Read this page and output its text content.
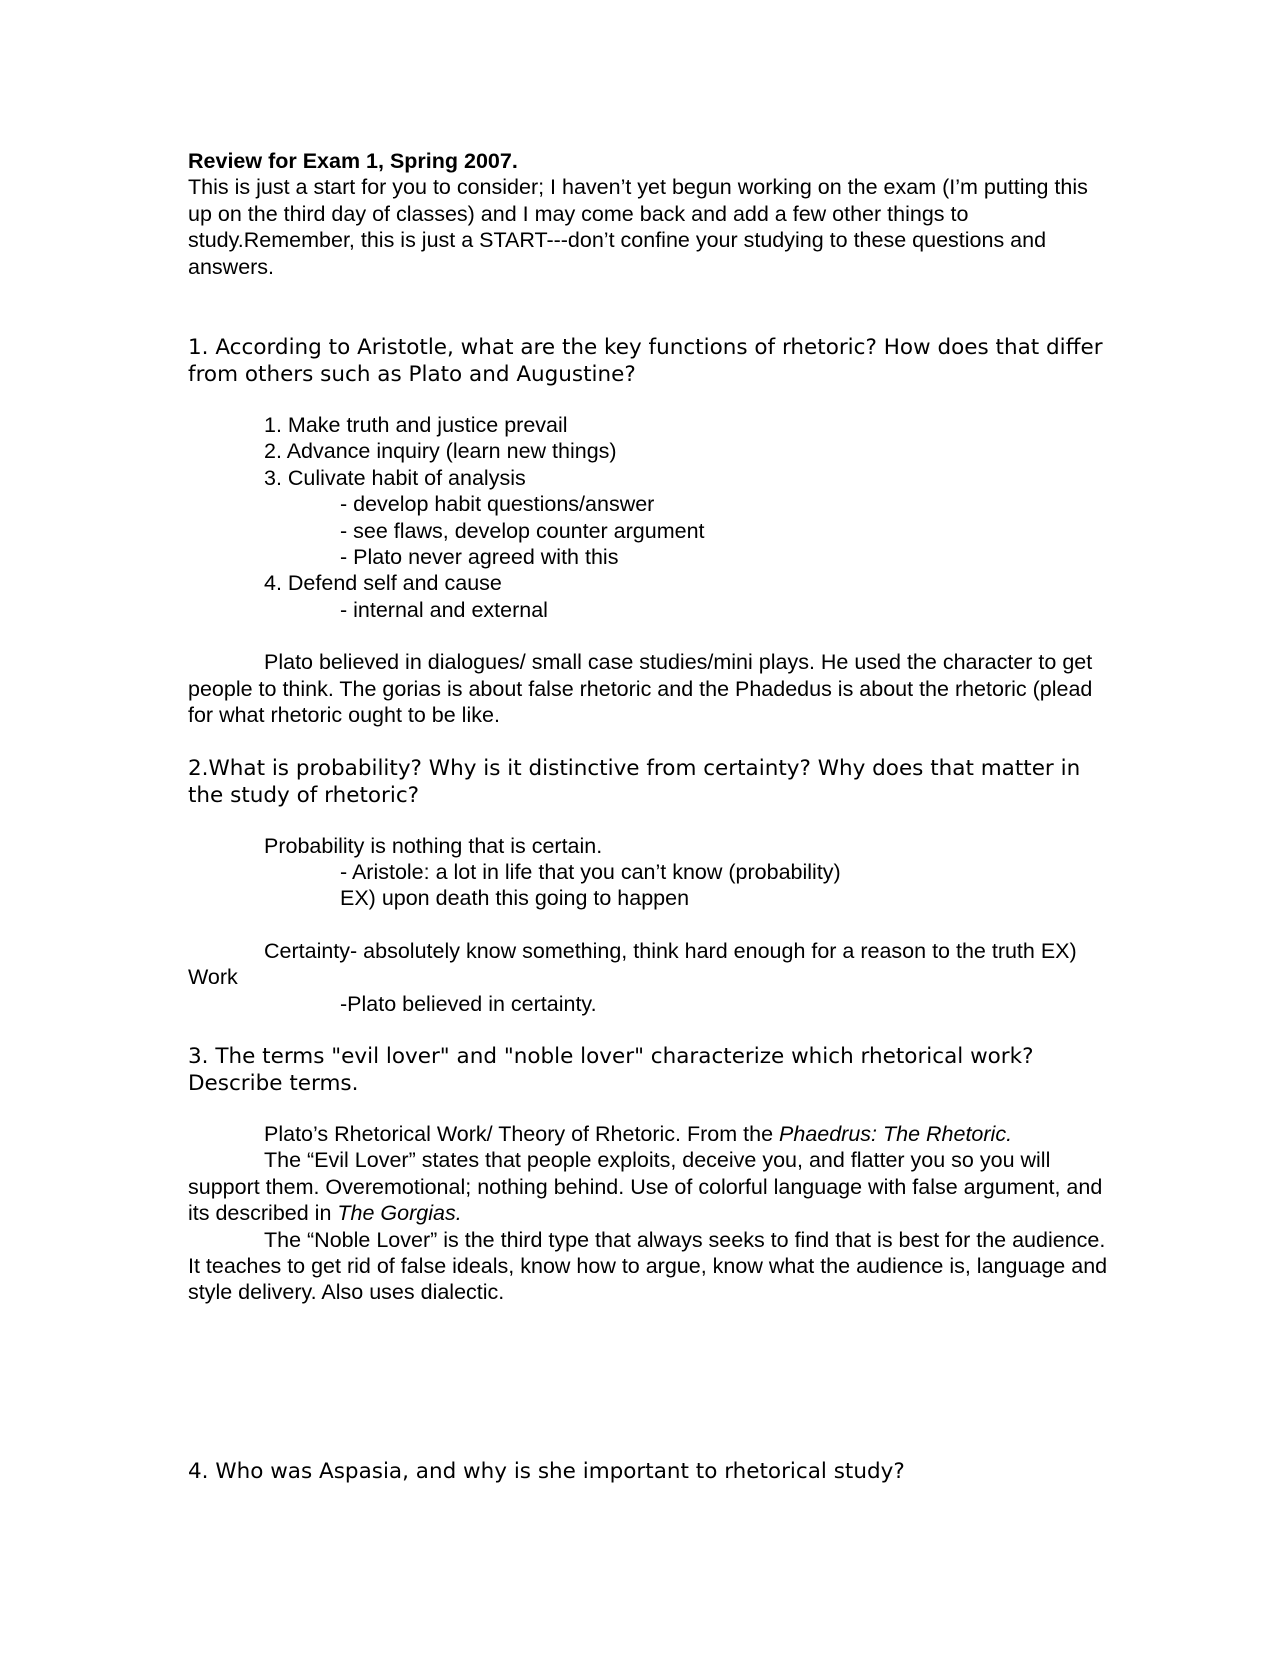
Review for Exam 1, Spring 2007.

This is just a start for you to consider; I haven’t yet begun working on the exam (I’m putting this up on the third day of classes) and I may come back and add a few other things to study.Remember, this is just a START---don’t confine your studying to these questions and answers.

1. According to Aristotle, what are the key functions of rhetoric? How does that differ from others such as Plato and Augustine?

1. Make truth and justice prevail
2. Advance inquiry (learn new things)
3. Culivate habit of analysis
- develop habit questions/answer
- see flaws, develop counter argument
- Plato never agreed with this
4. Defend self and cause
- internal and external

Plato believed in dialogues/ small case studies/mini plays. He used the character to get people to think. The gorias is about false rhetoric and the Phadedus is about the rhetoric (plead for what rhetoric ought to be like.

2.What is probability? Why is it distinctive from certainty? Why does that matter in the study of rhetoric?

Probability is nothing that is certain.
- Aristole: a lot in life that you can’t know (probability)
EX) upon death this going to happen

Certainty- absolutely know something, think hard enough for a reason to the truth EX) Work

-Plato believed in certainty.

3. The terms "evil lover" and "noble lover" characterize which rhetorical work? Describe terms.

Plato’s Rhetorical Work/ Theory of Rhetoric. From the Phaedrus: The Rhetoric.

The “Evil Lover” states that people exploits, deceive you, and flatter you so you will support them. Overemotional; nothing behind. Use of colorful language with false argument, and its described in The Gorgias.

The “Noble Lover” is the third type that always seeks to find that is best for the audience. It teaches to get rid of false ideals, know how to argue, know what the audience is, language and style delivery. Also uses dialectic.

4. Who was Aspasia, and why is she important to rhetorical study?
